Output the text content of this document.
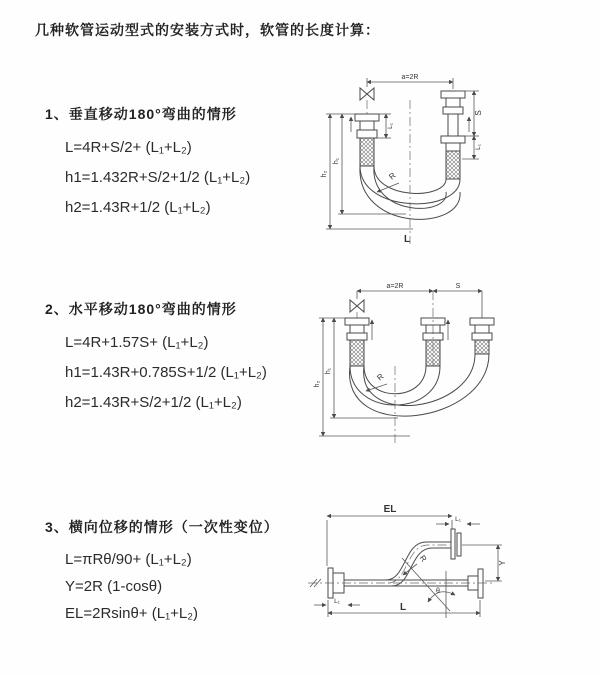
几种软管运动型式的安装方式时，软管的长度计算：
1、垂直移动180°弯曲的情形
L=4R+S/2+ (L₁+L₂)
h1=1.432R+S/2+1/2 (L₁+L₂)
h2=1.43R+1/2 (L₁+L₂)
a=2R
h₂
h₁
L₁
S
L₁
R
L
2、水平移动180°弯曲的情形
L=4R+1.57S+ (L₁+L₂)
h1=1.43R+0.785S+1/2 (L₁+L₂)
h2=1.43R+S/2+1/2 (L₁+L₂)
a=2R	S
h₂
h₁
R
3、横向位移的情形（一次性变位）
L=πRθ/90+ (L₁+L₂)
Y=2R (1-cosθ)
EL=2Rsinθ+ (L₁+L₂)
EL
L₁
R
θ
Y
L
L₁
